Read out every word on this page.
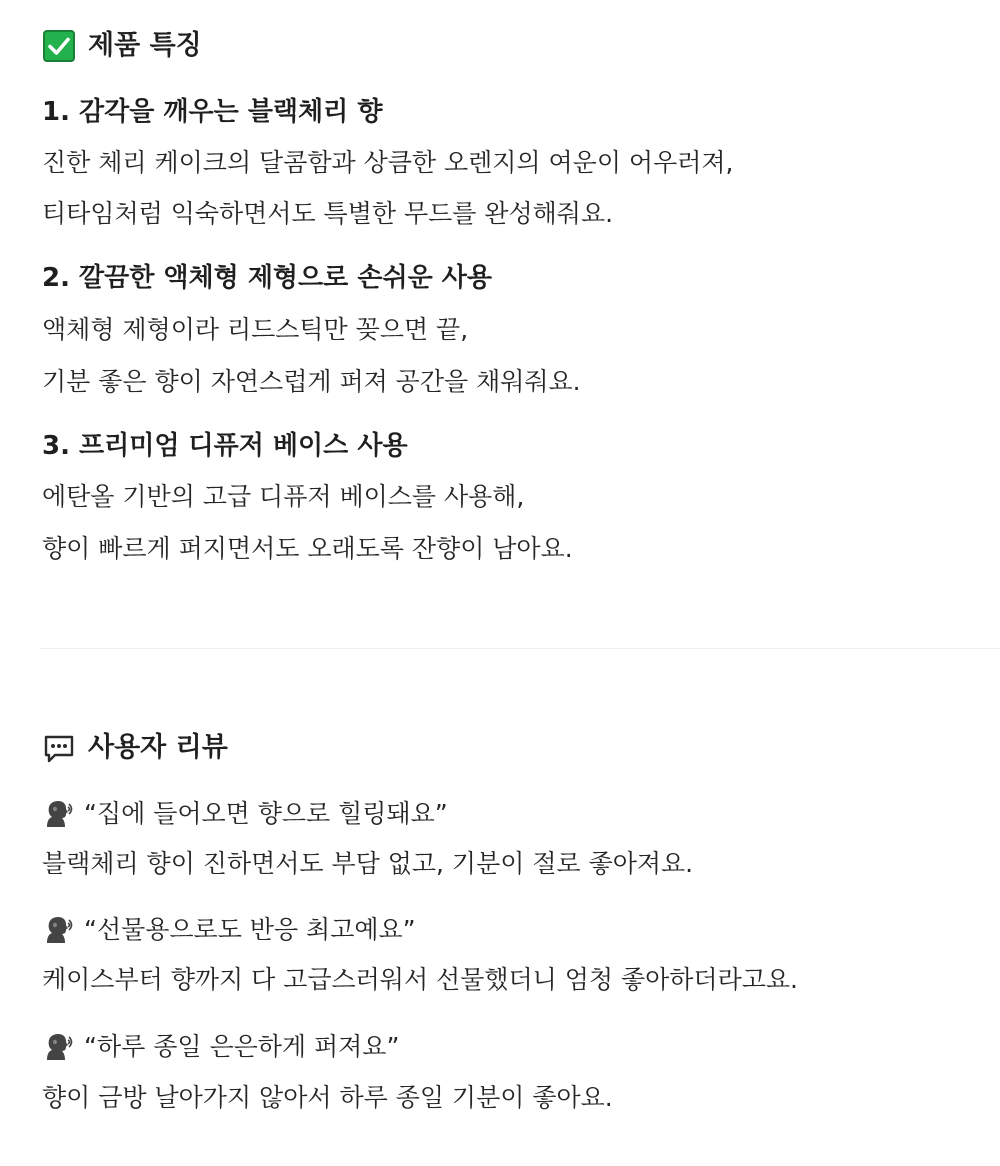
제품 특징
1. 감각을 깨우는 블랙체리 향
진한 체리 케이크의 달콤함과 상큼한 오렌지의 여운이 어우러져,
티타임처럼 익숙하면서도 특별한 무드를 완성해줘요.
2. 깔끔한 액체형 제형으로 손쉬운 사용
액체형 제형이라 리드스틱만 꽂으면 끝,
기분 좋은 향이 자연스럽게 퍼져 공간을 채워줘요.
3. 프리미엄 디퓨저 베이스 사용
에탄올 기반의 고급 디퓨저 베이스를 사용해,
향이 빠르게 퍼지면서도 오래도록 잔향이 남아요.
사용자 리뷰
“집에 들어오면 향으로 힐링돼요”
블랙체리 향이 진하면서도 부담 없고, 기분이 절로 좋아져요.
“선물용으로도 반응 최고예요”
케이스부터 향까지 다 고급스러워서 선물했더니 엄청 좋아하더라고요.
“하루 종일 은은하게 퍼져요”
향이 금방 날아가지 않아서 하루 종일 기분이 좋아요.
